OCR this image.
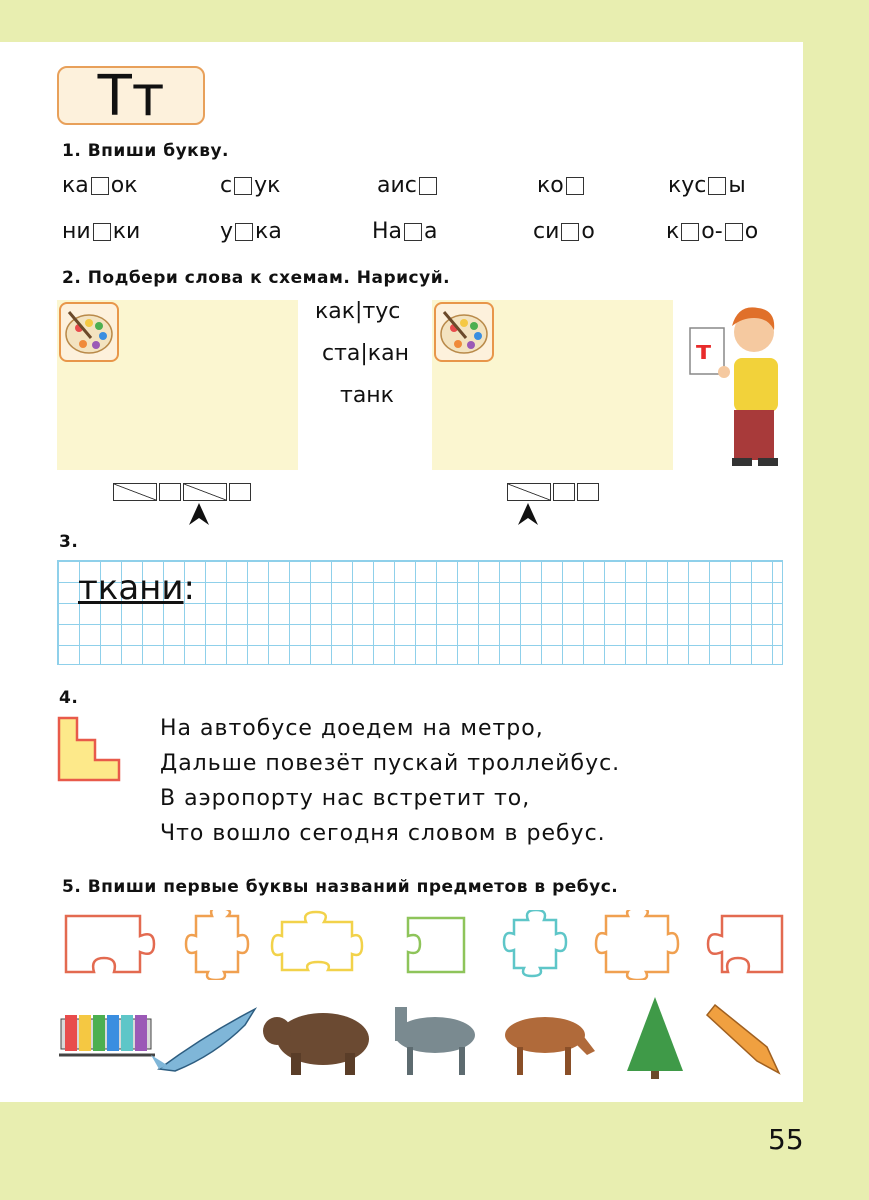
Тт
1. Впиши букву.
ка ок	с ук	аис	ко	кус ы
ни ки	у ка	На а	си о	к о- о
2. Подбери слова к схемам. Нарисуй.
как|тус
ста|кан
танк
т
3.
ткани:
4.
На автобусе доедем на метро,
Дальше повезёт пускай троллейбус.
В аэропорту нас встретит то,
Что вошло сегодня словом в ребус.
5. Впиши первые буквы названий предметов в ребус.
55
